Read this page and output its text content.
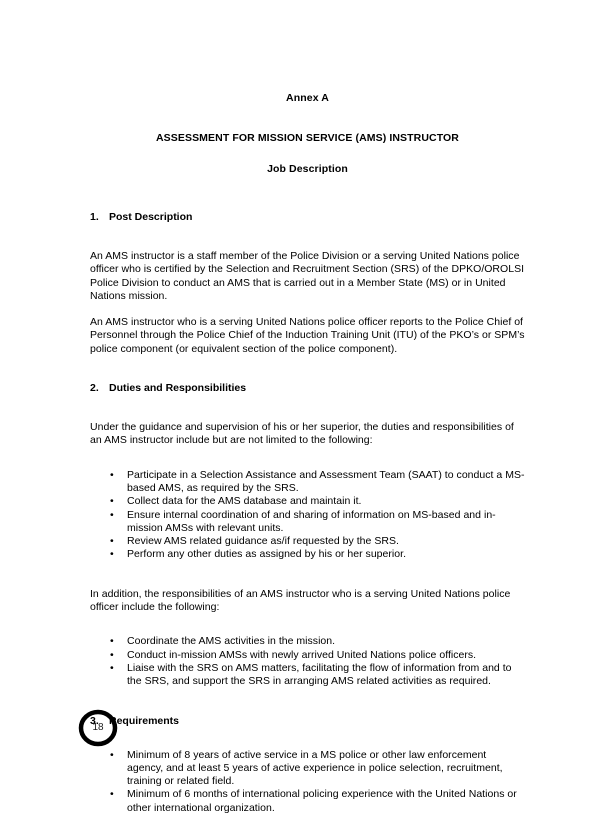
Annex A
ASSESSMENT FOR MISSION SERVICE (AMS) INSTRUCTOR
Job Description
1. Post Description

An AMS instructor is a staff member of the Police Division or a serving United Nations police officer who is certified by the Selection and Recruitment Section (SRS) of the DPKO/OROLSI Police Division to conduct an AMS that is carried out in a Member State (MS) or in United Nations mission.

An AMS instructor who is a serving United Nations police officer reports to the Police Chief of Personnel through the Police Chief of the Induction Training Unit (ITU) of the PKO’s or SPM’s police component (or equivalent section of the police component).

2. Duties and Responsibilities

Under the guidance and supervision of his or her superior, the duties and responsibilities of an AMS instructor include but are not limited to the following:

• Participate in a Selection Assistance and Assessment Team (SAAT) to conduct a MS-based AMS, as required by the SRS.
• Collect data for the AMS database and maintain it.
• Ensure internal coordination of and sharing of information on MS-based and in-mission AMSs with relevant units.
• Review AMS related guidance as/if requested by the SRS.
• Perform any other duties as assigned by his or her superior.

In addition, the responsibilities of an AMS instructor who is a serving United Nations police officer include the following:

• Coordinate the AMS activities in the mission.
• Conduct in-mission AMSs with newly arrived United Nations police officers.
• Liaise with the SRS on AMS matters, facilitating the flow of information from and to the SRS, and support the SRS in arranging AMS related activities as required.
3. Requirements
• Minimum of 8 years of active service in a MS police or other law enforcement agency, and at least 5 years of active experience in police selection, recruitment, training or related field.
• Minimum of 6 months of international policing experience with the United Nations or other international organization.
18
